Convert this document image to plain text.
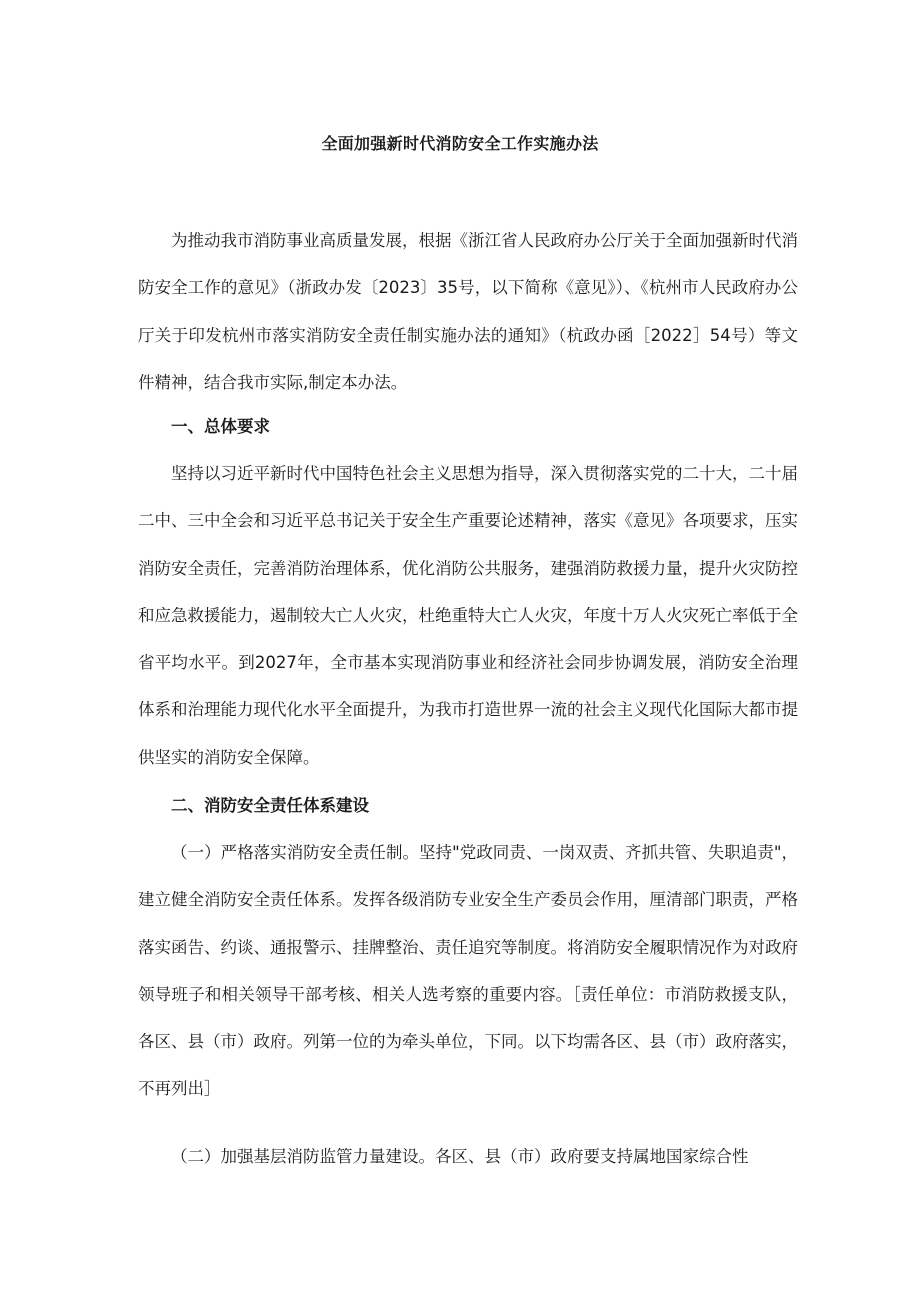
全面加强新时代消防安全工作实施办法

为推动我市消防事业高质量发展，根据《浙江省人民政府办公厅关于全面加强新时代消防安全工作的意见》（浙政办发〔2023〕35号，以下简称《意见》）、《杭州市人民政府办公厅关于印发杭州市落实消防安全责任制实施办法的通知》（杭政办函［2022］54号）等文件精神，结合我市实际,制定本办法。

一、总体要求

坚持以习近平新时代中国特色社会主义思想为指导，深入贯彻落实党的二十大，二十届二中、三中全会和习近平总书记关于安全生产重要论述精神，落实《意见》各项要求，压实消防安全责任，完善消防治理体系，优化消防公共服务，建强消防救援力量，提升火灾防控和应急救援能力，遏制较大亡人火灾，杜绝重特大亡人火灾，年度十万人火灾死亡率低于全省平均水平。到2027年，全市基本实现消防事业和经济社会同步协调发展，消防安全治理体系和治理能力现代化水平全面提升，为我市打造世界一流的社会主义现代化国际大都市提供坚实的消防安全保障。

二、消防安全责任体系建设

（一）严格落实消防安全责任制。坚持"党政同责、一岗双责、齐抓共管、失职追责"，建立健全消防安全责任体系。发挥各级消防专业安全生产委员会作用，厘清部门职责，严格落实函告、约谈、通报警示、挂牌整治、责任追究等制度。将消防安全履职情况作为对政府领导班子和相关领导干部考核、相关人选考察的重要内容。［责任单位：市消防救援支队，各区、县（市）政府。列第一位的为牵头单位，下同。以下均需各区、县（市）政府落实，不再列出］

（二）加强基层消防监管力量建设。各区、县（市）政府要支持属地国家综合性
